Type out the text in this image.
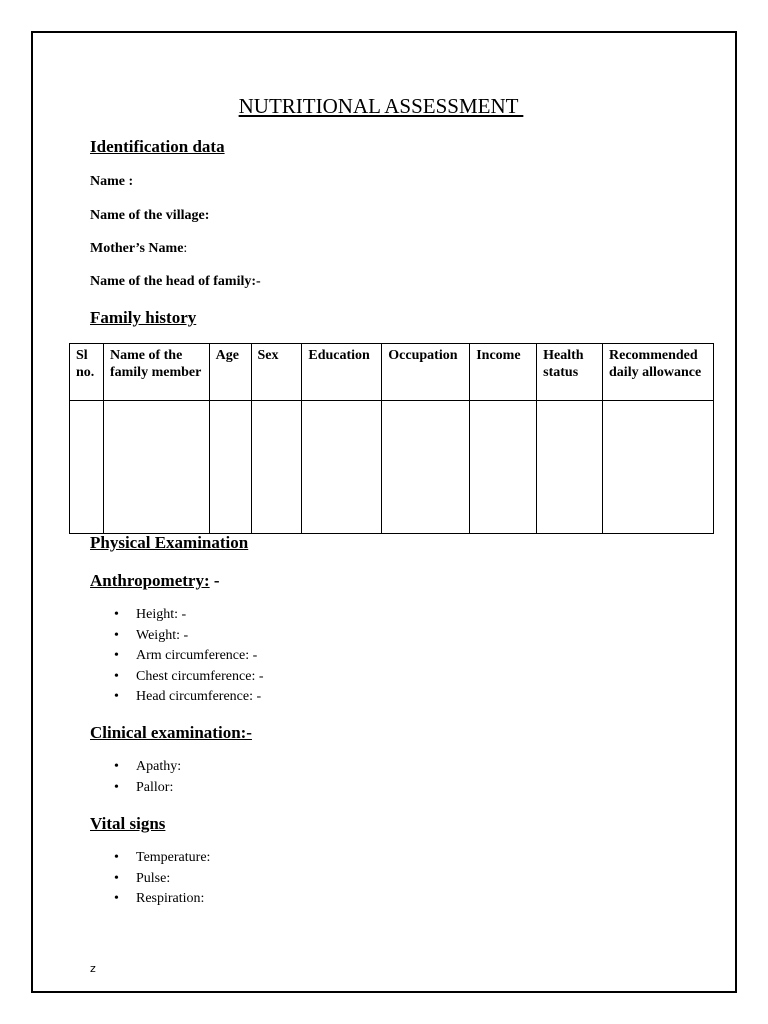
NUTRITIONAL ASSESSMENT
Identification data
Name :
Name of the village:
Mother’s Name:
Name of the head of family:-
Family history
Sl no.	Name of the family member	Age	Sex	Education	Occupation	Income	Health status	Recommended daily allowance

Physical Examination
Anthropometry: -
• Height: -
• Weight: -
• Arm circumference: -
• Chest circumference: -
• Head circumference: -
Clinical examination:-
• Apathy:
• Pallor:
Vital signs
• Temperature:
• Pulse:
• Respiration:
z
